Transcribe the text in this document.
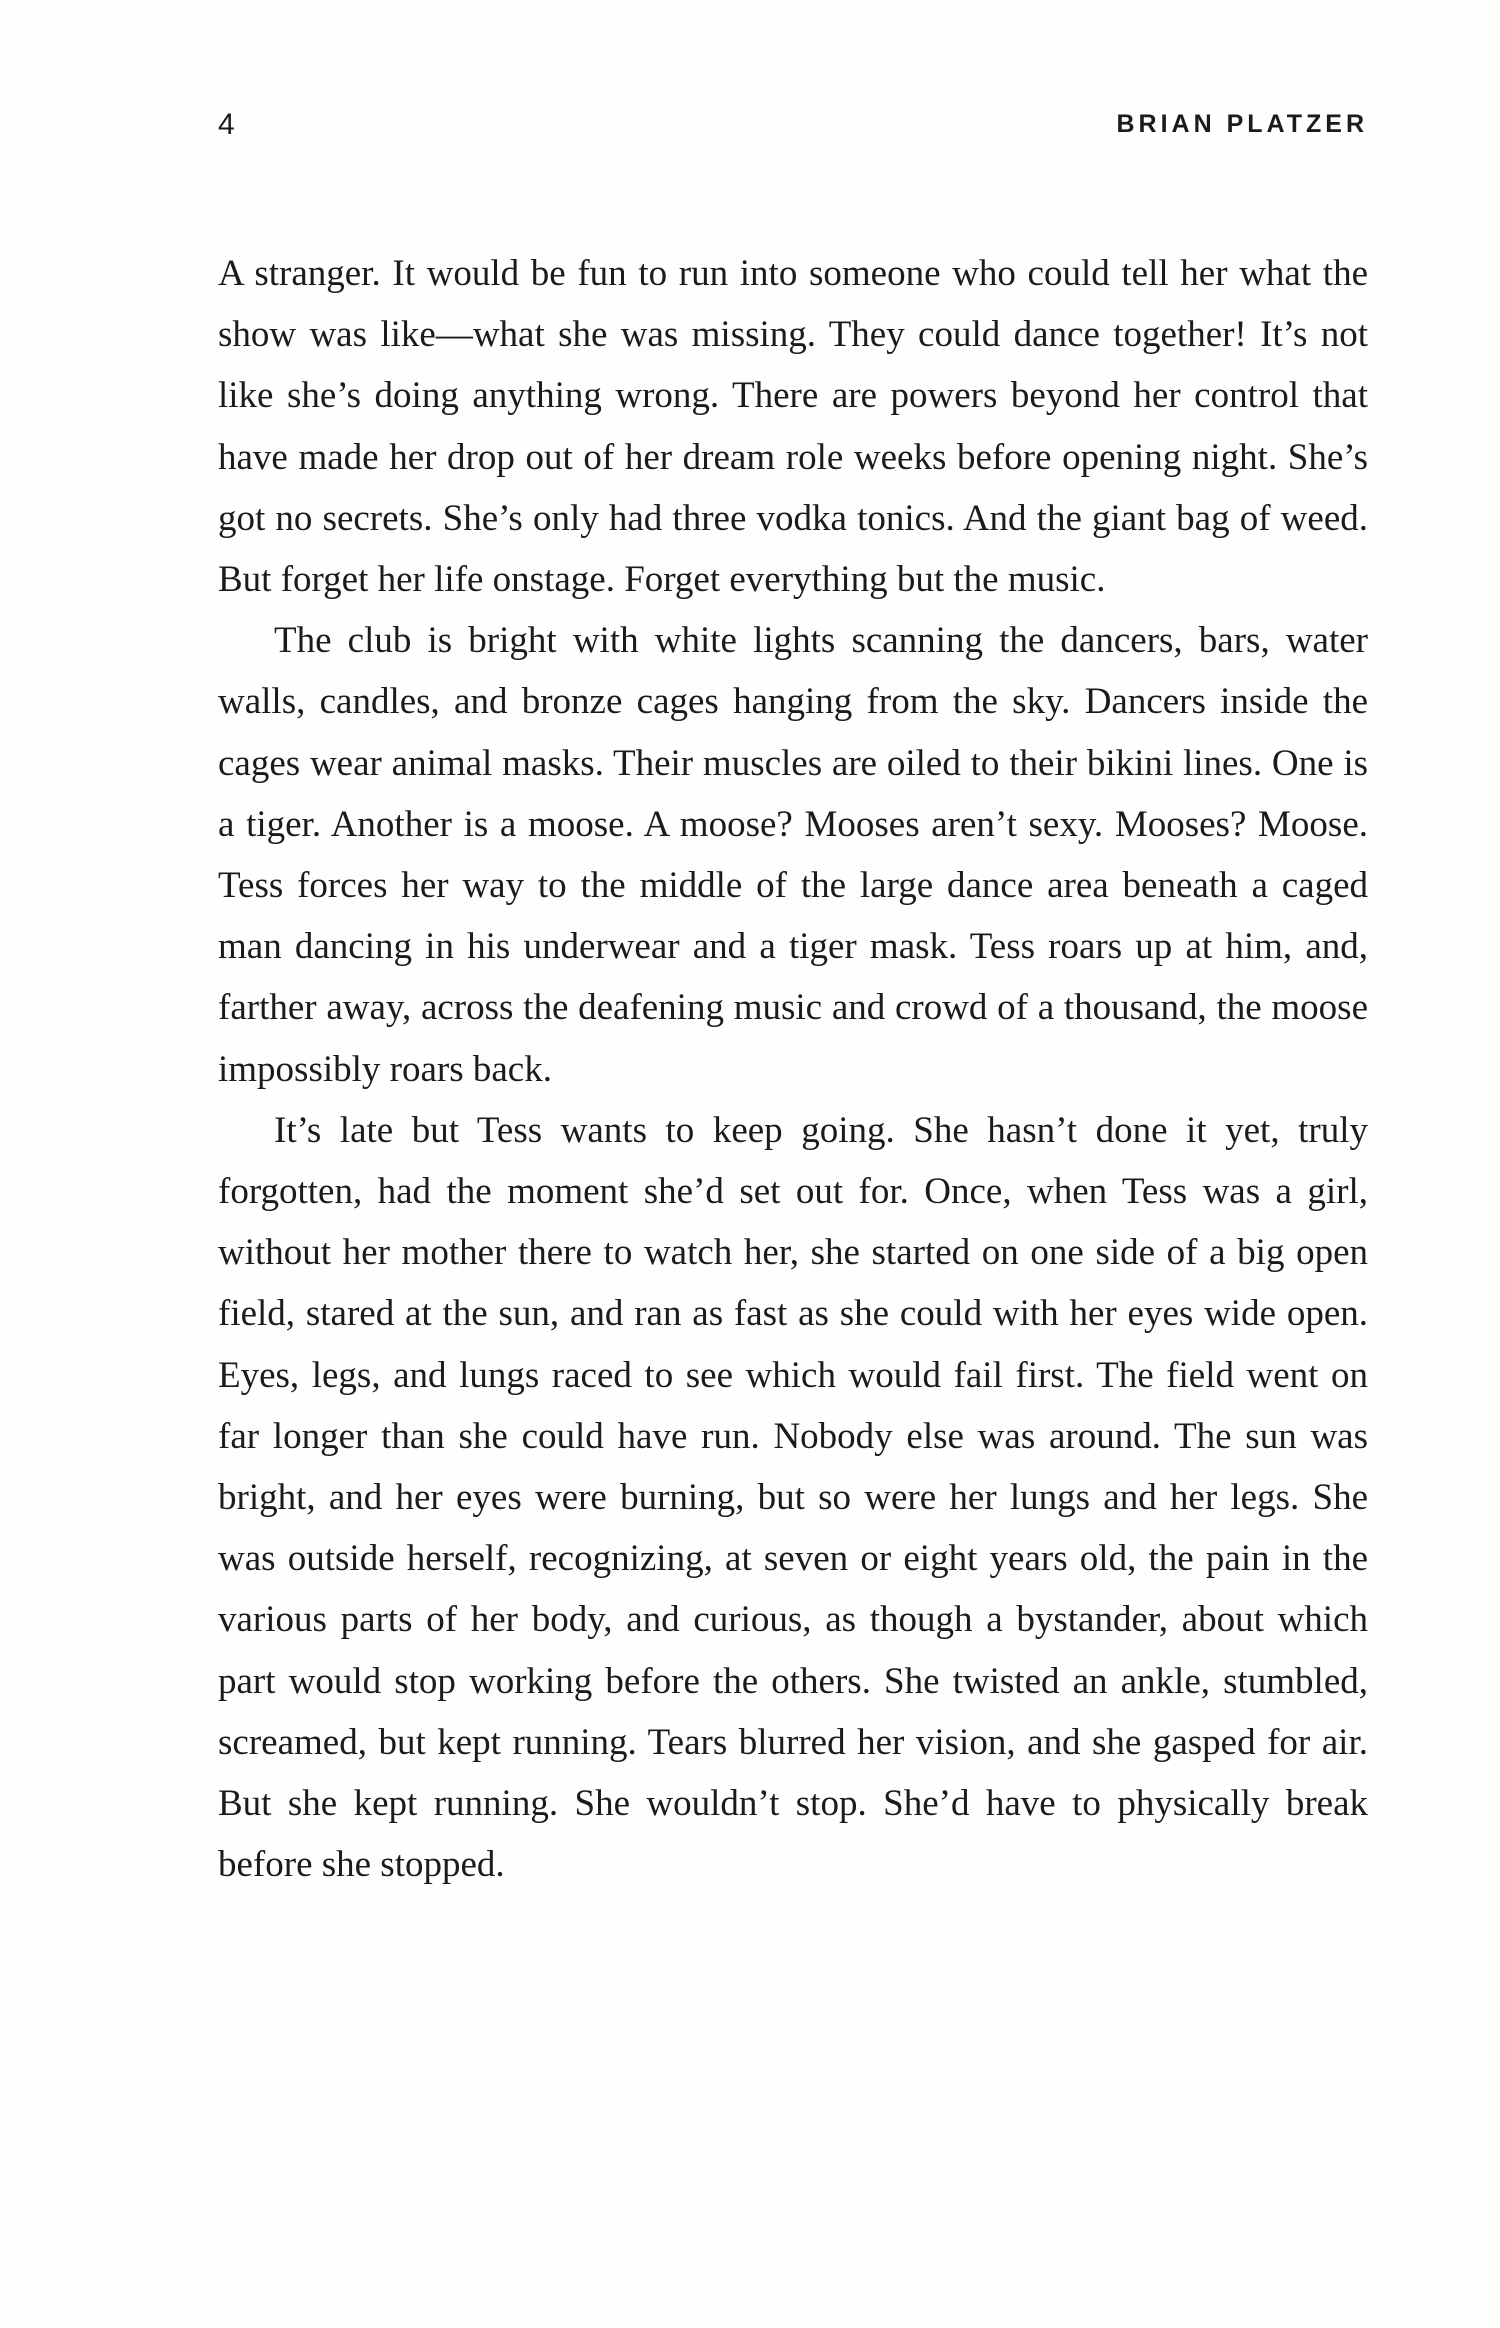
4	BRIAN PLATZER

A stranger. It would be fun to run into someone who could tell her what the show was like—what she was missing. They could dance together! It’s not like she’s doing anything wrong. There are powers beyond her control that have made her drop out of her dream role weeks before opening night. She’s got no secrets. She’s only had three vodka tonics. And the giant bag of weed. But forget her life onstage. Forget everything but the music.

The club is bright with white lights scanning the dancers, bars, water walls, candles, and bronze cages hanging from the sky. Dancers inside the cages wear animal masks. Their muscles are oiled to their bikini lines. One is a tiger. Another is a moose. A moose? Mooses aren’t sexy. Mooses? Moose. Tess forces her way to the middle of the large dance area beneath a caged man dancing in his underwear and a tiger mask. Tess roars up at him, and, farther away, across the deafening music and crowd of a thousand, the moose impossibly roars back.

It’s late but Tess wants to keep going. She hasn’t done it yet, truly forgotten, had the moment she’d set out for. Once, when Tess was a girl, without her mother there to watch her, she started on one side of a big open field, stared at the sun, and ran as fast as she could with her eyes wide open. Eyes, legs, and lungs raced to see which would fail first. The field went on far longer than she could have run. Nobody else was around. The sun was bright, and her eyes were burning, but so were her lungs and her legs. She was outside herself, recognizing, at seven or eight years old, the pain in the various parts of her body, and curious, as though a bystander, about which part would stop working before the others. She twisted an ankle, stumbled, screamed, but kept running. Tears blurred her vision, and she gasped for air. But she kept running. She wouldn’t stop. She’d have to physically break before she stopped.
